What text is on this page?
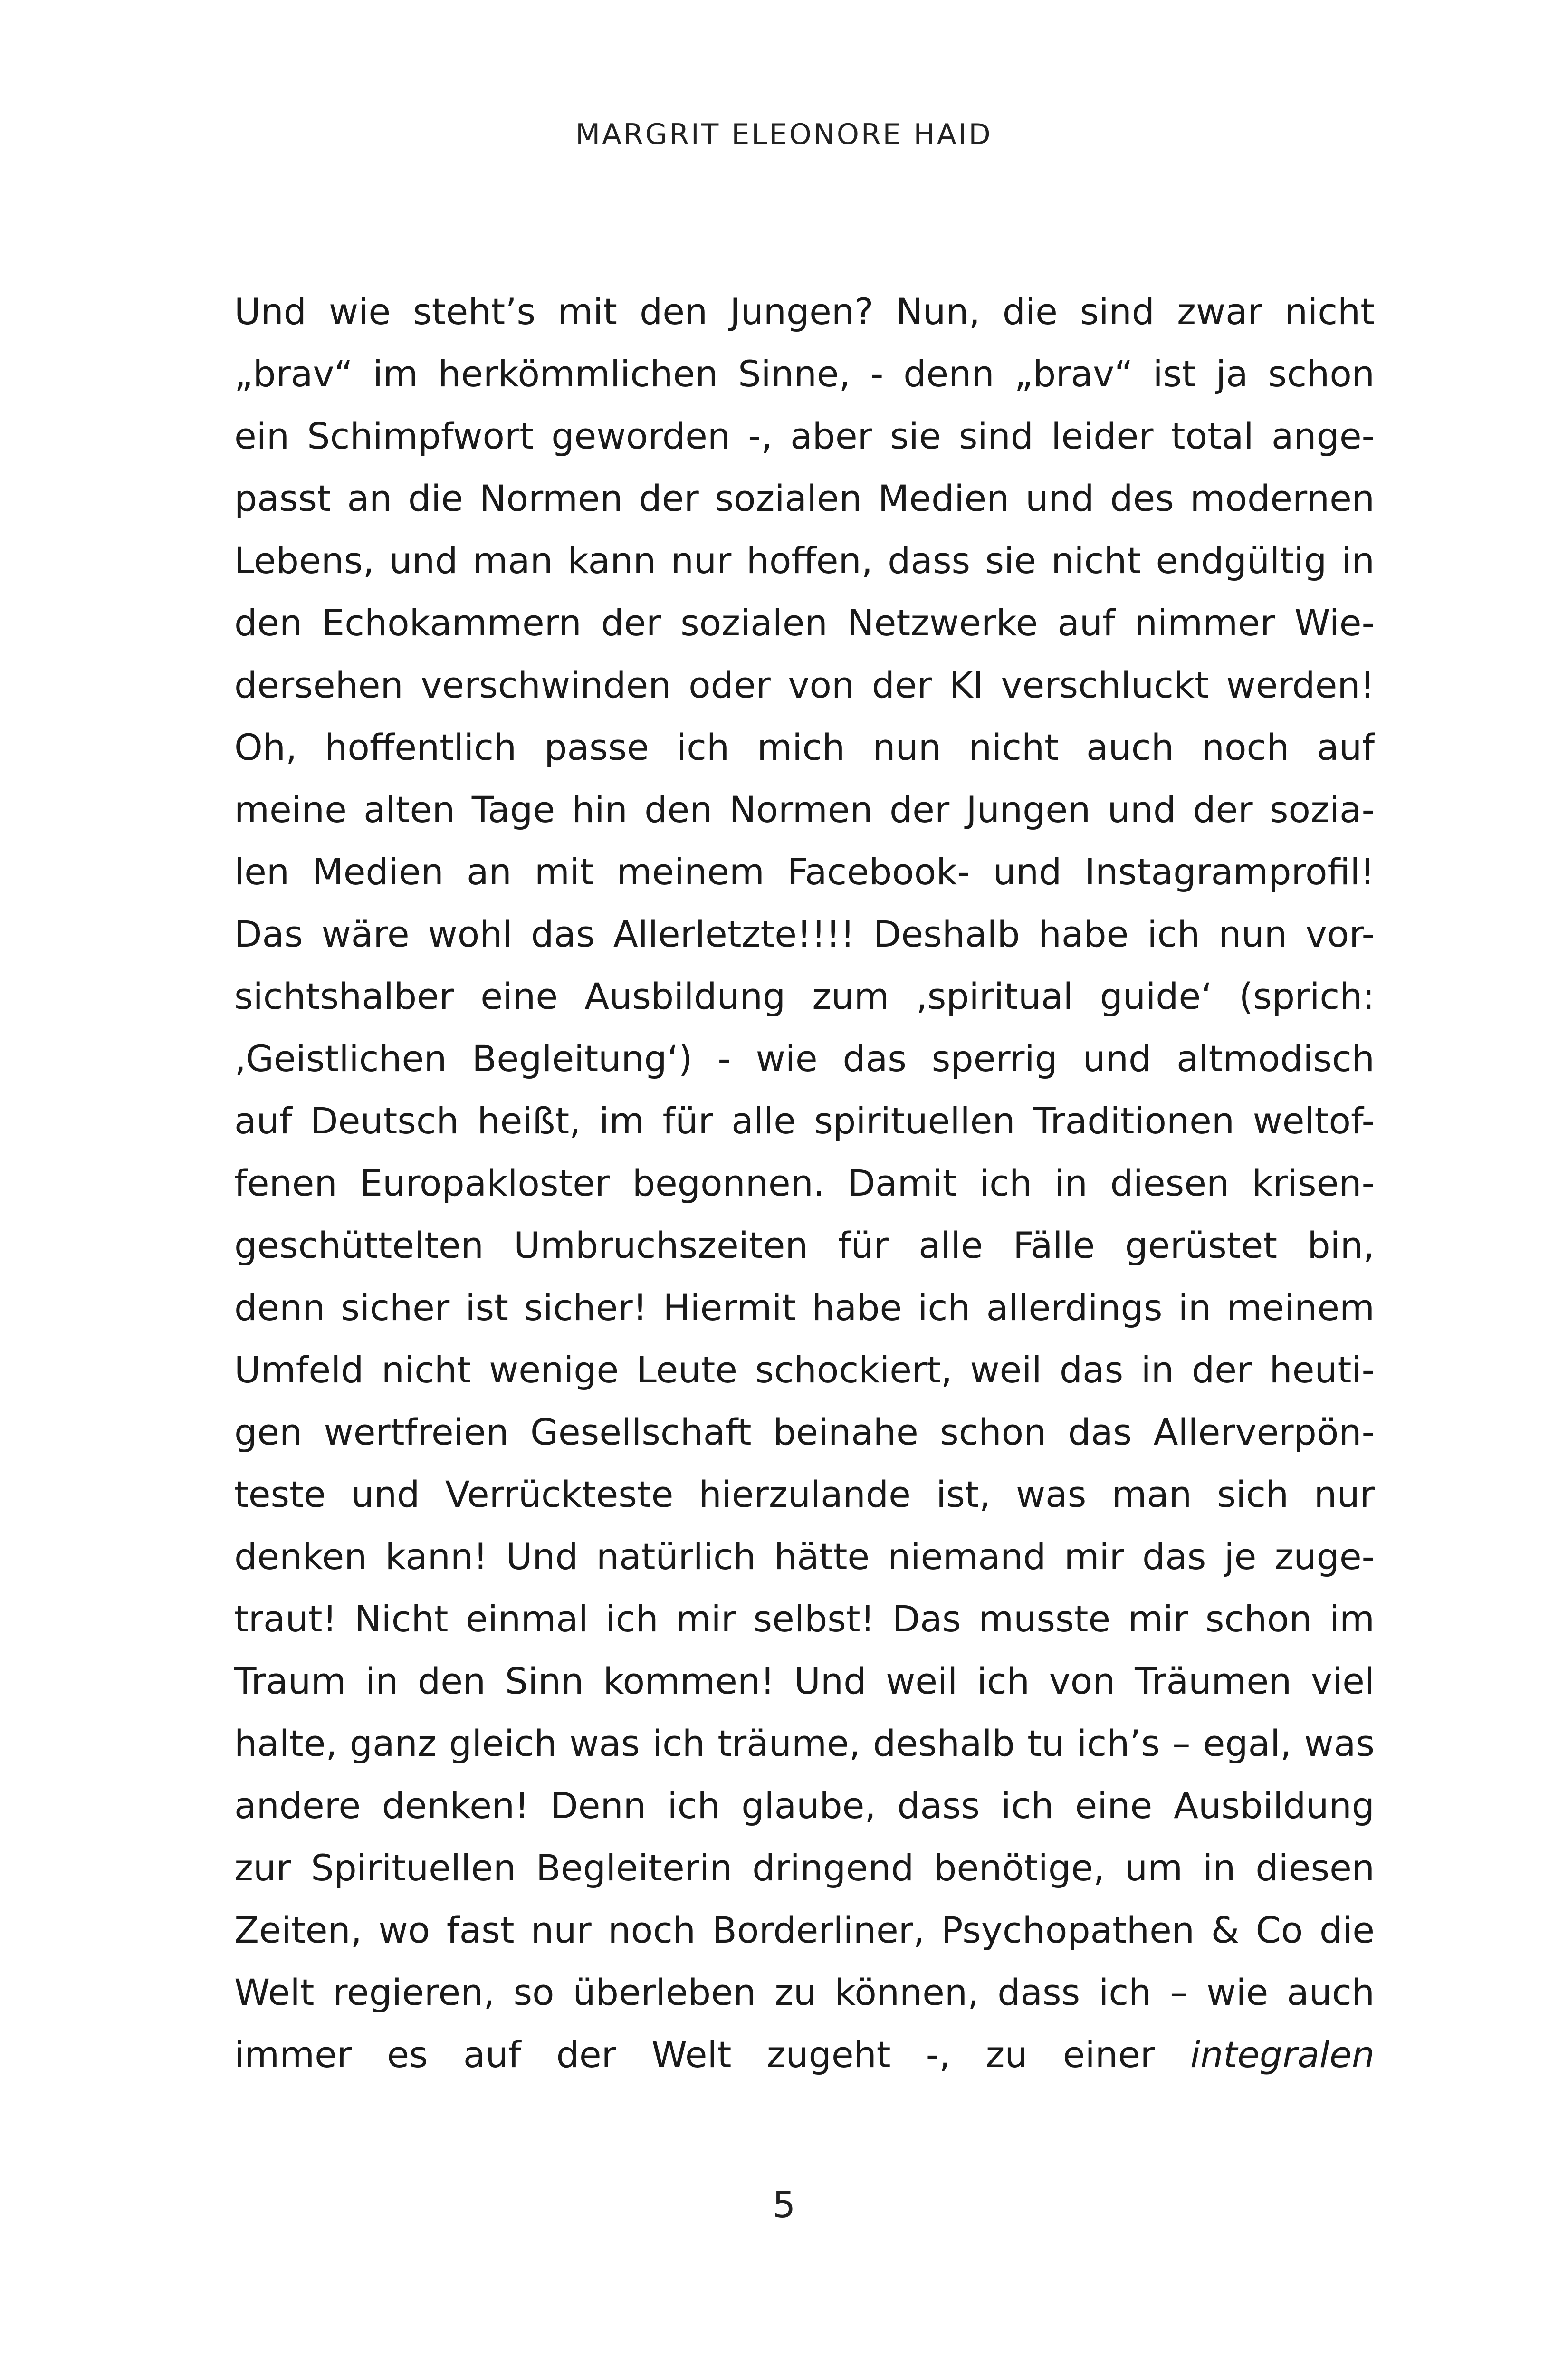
MARGRIT ELEONORE HAID
Und wie steht’s mit den Jungen? Nun, die sind zwar nicht
„brav“ im herkömmlichen Sinne, - denn „brav“ ist ja schon
ein Schimpfwort geworden -, aber sie sind leider total ange-
passt an die Normen der sozialen Medien und des modernen
Lebens, und man kann nur hoffen, dass sie nicht endgültig in
den Echokammern der sozialen Netzwerke auf nimmer Wie-
dersehen verschwinden oder von der KI verschluckt werden!
Oh, hoffentlich passe ich mich nun nicht auch noch auf
meine alten Tage hin den Normen der Jungen und der sozia-
len Medien an mit meinem Facebook- und Instagramprofil!
Das wäre wohl das Allerletzte!!!! Deshalb habe ich nun vor-
sichtshalber eine Ausbildung zum ‚spiritual guide‘ (sprich:
‚Geistlichen Begleitung‘) - wie das sperrig und altmodisch
auf Deutsch heißt, im für alle spirituellen Traditionen weltof-
fenen Europakloster begonnen. Damit ich in diesen krisen-
geschüttelten Umbruchszeiten für alle Fälle gerüstet bin,
denn sicher ist sicher! Hiermit habe ich allerdings in meinem
Umfeld nicht wenige Leute schockiert, weil das in der heuti-
gen wertfreien Gesellschaft beinahe schon das Allerverpön-
teste und Verrückteste hierzulande ist, was man sich nur
denken kann! Und natürlich hätte niemand mir das je zuge-
traut! Nicht einmal ich mir selbst! Das musste mir schon im
Traum in den Sinn kommen! Und weil ich von Träumen viel
halte, ganz gleich was ich träume, deshalb tu ich’s – egal, was
andere denken! Denn ich glaube, dass ich eine Ausbildung
zur Spirituellen Begleiterin dringend benötige, um in diesen
Zeiten, wo fast nur noch Borderliner, Psychopathen & Co die
Welt regieren, so überleben zu können, dass ich – wie auch
immer es auf der Welt zugeht -, zu einer integralen
5
